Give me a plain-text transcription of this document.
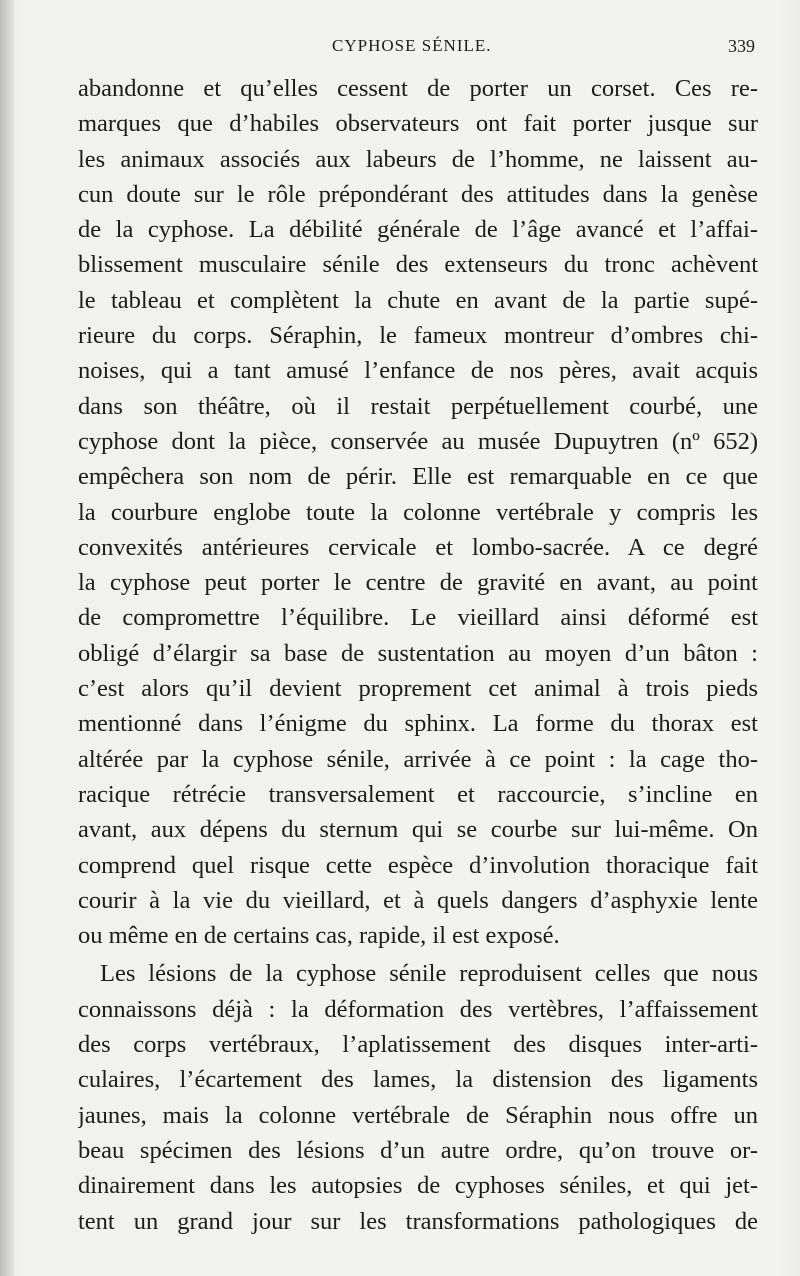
CYPHOSE SÉNILE.	339
abandonne et qu’elles cessent de porter un corset. Ces re-
marques que d’habiles observateurs ont fait porter jusque sur
les animaux associés aux labeurs de l’homme, ne laissent au-
cun doute sur le rôle prépondérant des attitudes dans la genèse
de la cyphose. La débilité générale de l’âge avancé et l’affai-
blissement musculaire sénile des extenseurs du tronc achèvent
le tableau et complètent la chute en avant de la partie supé-
rieure du corps. Séraphin, le fameux montreur d’ombres chi-
noises, qui a tant amusé l’enfance de nos pères, avait acquis
dans son théâtre, où il restait perpétuellement courbé, une
cyphose dont la pièce, conservée au musée Dupuytren (nº 652)
empêchera son nom de périr. Elle est remarquable en ce que
la courbure englobe toute la colonne vertébrale y compris les
convexités antérieures cervicale et lombo-sacrée. A ce degré
la cyphose peut porter le centre de gravité en avant, au point
de compromettre l’équilibre. Le vieillard ainsi déformé est
obligé d’élargir sa base de sustentation au moyen d’un bâton :
c’est alors qu’il devient proprement cet animal à trois pieds
mentionné dans l’énigme du sphinx. La forme du thorax est
altérée par la cyphose sénile, arrivée à ce point : la cage tho-
racique rétrécie transversalement et raccourcie, s’incline en
avant, aux dépens du sternum qui se courbe sur lui-même. On
comprend quel risque cette espèce d’involution thoracique fait
courir à la vie du vieillard, et à quels dangers d’asphyxie lente
ou même en de certains cas, rapide, il est exposé.
Les lésions de la cyphose sénile reproduisent celles que nous
connaissons déjà : la déformation des vertèbres, l’affaissement
des corps vertébraux, l’aplatissement des disques inter-arti-
culaires, l’écartement des lames, la distension des ligaments
jaunes, mais la colonne vertébrale de Séraphin nous offre un
beau spécimen des lésions d’un autre ordre, qu’on trouve or-
dinairement dans les autopsies de cyphoses séniles, et qui jet-
tent un grand jour sur les transformations pathologiques de
